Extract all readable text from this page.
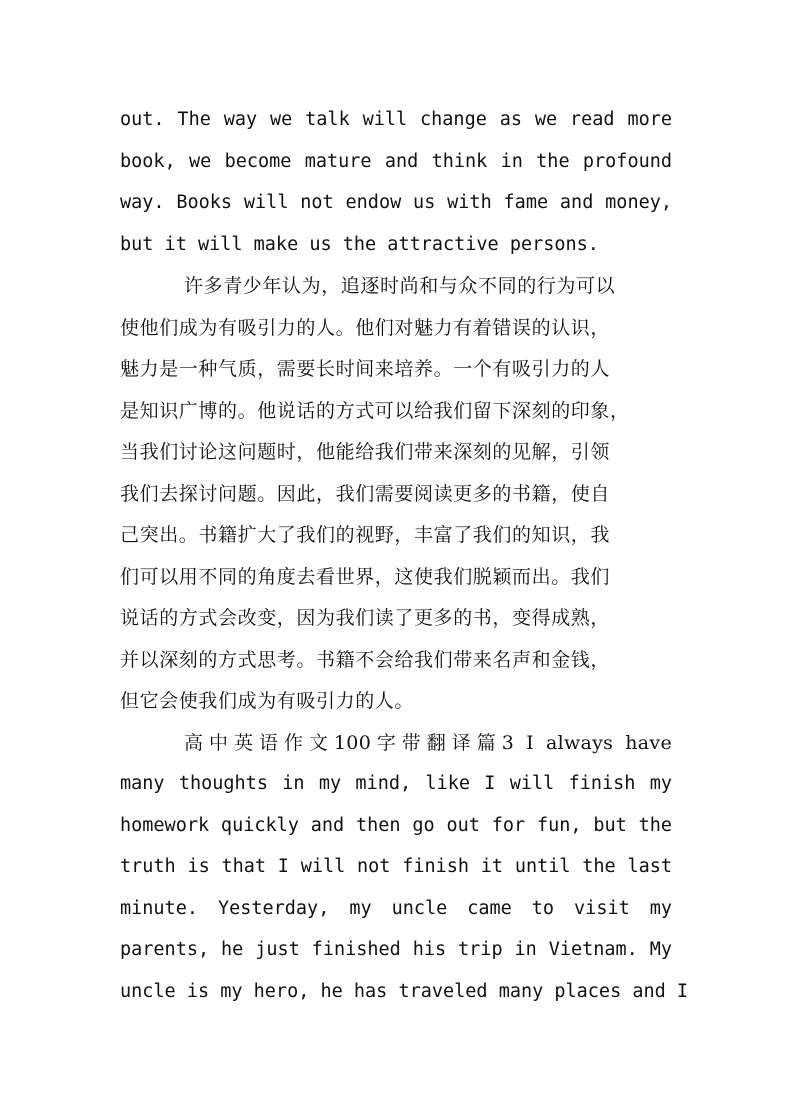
out. The way we talk will change as we read more
book, we become mature and think in the profound
way. Books will not endow us with fame and money,
but it will make us the attractive persons.
许多青少年认为，追逐时尚和与众不同的行为可以
使他们成为有吸引力的人。他们对魅力有着错误的认识，
魅力是一种气质，需要长时间来培养。一个有吸引力的人
是知识广博的。他说话的方式可以给我们留下深刻的印象，
当我们讨论这问题时，他能给我们带来深刻的见解，引领
我们去探讨问题。因此，我们需要阅读更多的书籍，使自
己突出。书籍扩大了我们的视野，丰富了我们的知识，我
们可以用不同的角度去看世界，这使我们脱颖而出。我们
说话的方式会改变，因为我们读了更多的书，变得成熟，
并以深刻的方式思考。书籍不会给我们带来名声和金钱，
但它会使我们成为有吸引力的人。
高中英语作文100字带翻译篇3 I always have
many thoughts in my mind, like I will finish my
homework quickly and then go out for fun, but the
truth is that I will not finish it until the last
minute. Yesterday, my uncle came to visit my
parents, he just finished his trip in Vietnam. My
uncle is my hero, he has traveled many places and I
